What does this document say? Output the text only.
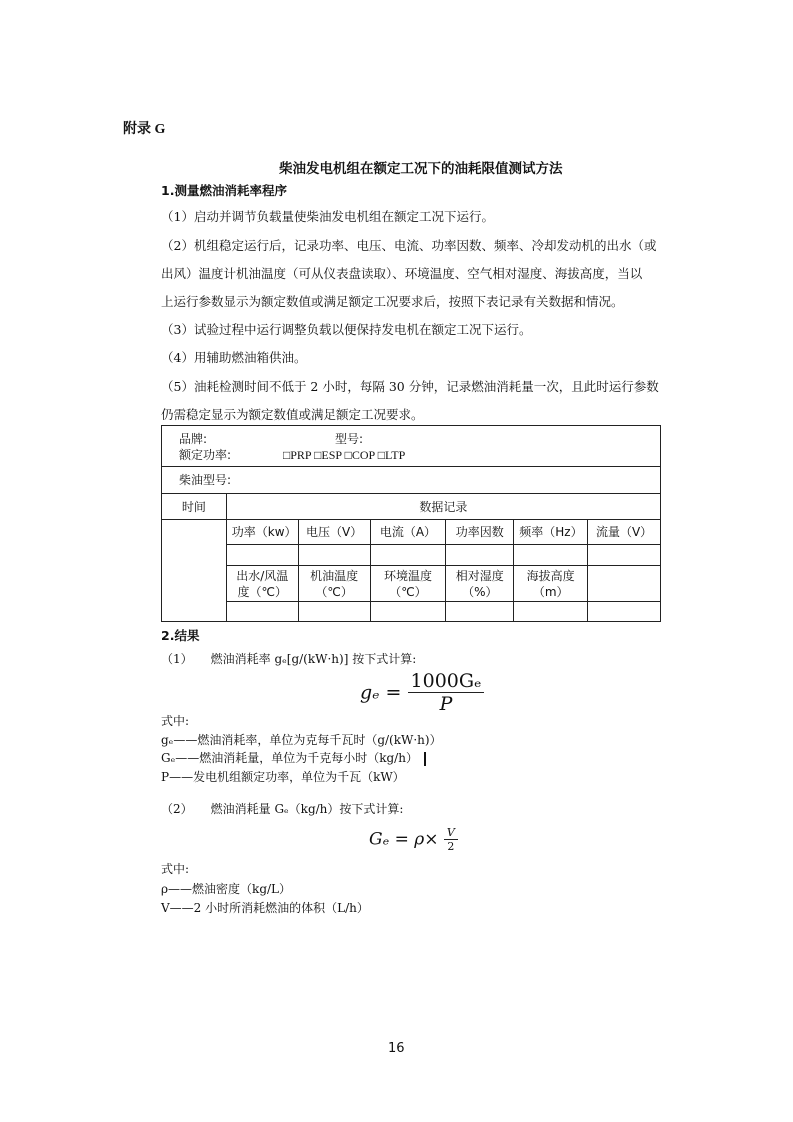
附录 G
柴油发电机组在额定工况下的油耗限值测试方法
1.测量燃油消耗率程序
（1）启动并调节负载量使柴油发电机组在额定工况下运行。
（2）机组稳定运行后，记录功率、电压、电流、功率因数、频率、冷却发动机的出水（或
出风）温度计机油温度（可从仪表盘读取）、环境温度、空气相对湿度、海拔高度，当以
上运行参数显示为额定数值或满足额定工况要求后，按照下表记录有关数据和情况。
（3）试验过程中运行调整负载以便保持发电机在额定工况下运行。
（4）用辅助燃油箱供油。
（5）油耗检测时间不低于 2 小时，每隔 30 分钟，记录燃油消耗量一次，且此时运行参数
仍需稳定显示为额定数值或满足额定工况要求。
品牌: 型号:
额定功率: □PRP □ESP □COP □LTP						

柴油型号:						
时间	数据记录					
	功率（kw）	电压（V）	电流（A）	功率因数	频率（Hz）	流量（V）

	出水/风温度（℃）	机油温度（℃）	环境温度（℃）	相对湿度（%）	海拔高度（m）	

2.结果
（1）　　燃油消耗率 gₑ[g/(kW·h)] 按下式计算:
$g_e = \frac{\text{1000Gₑ}}{P}$
式中:
gₑ——燃油消耗率，单位为克每千瓦时（g/(kW·h)）
Gₑ——燃油消耗量，单位为千克每小时（kg/h）
P——发电机组额定功率，单位为千瓦（kW）
（2）　　燃油消耗量 Gₑ（kg/h）按下式计算:
$G_e = \rho\times \frac{V}{2}$
式中:
ρ——燃油密度（kg/L）
V——2 小时所消耗燃油的体积（L/h）
16
